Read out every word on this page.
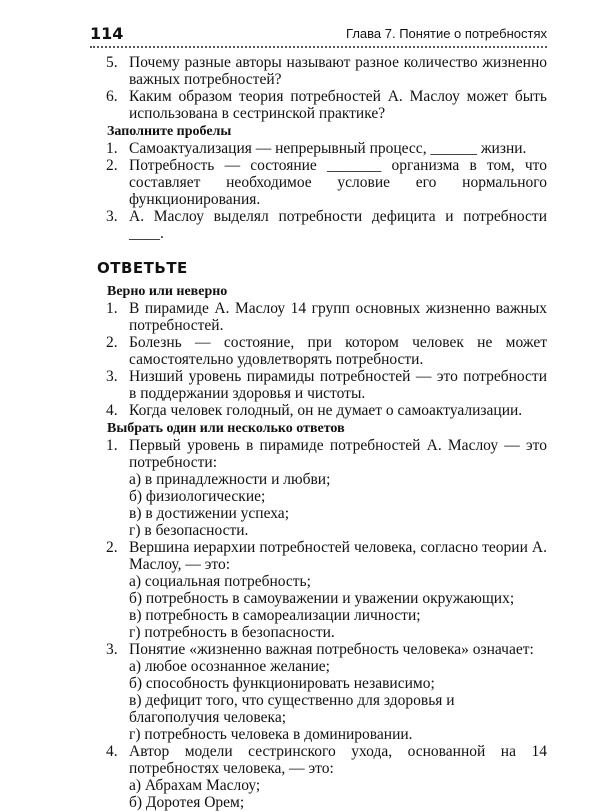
114	Глава 7. Понятие о потребностях
5. Почему разные авторы называют разное количество жизненно важных потребностей?
6. Каким образом теория потребностей А. Маслоу может быть использована в сестринской практике?
Заполните пробелы
1. Самоактуализация — непрерывный процесс, ______ жизни.
2. Потребность — состояние _______ организма в том, что составляет необходимое условие его нормального функционирования.
3. А. Маслоу выделял потребности дефицита и потребности ____.
ОТВЕТЬТЕ
Верно или неверно
1. В пирамиде А. Маслоу 14 групп основных жизненно важных потребностей.
2. Болезнь — состояние, при котором человек не может самостоятельно удовлетворять потребности.
3. Низший уровень пирамиды потребностей — это потребности в поддержании здоровья и чистоты.
4. Когда человек голодный, он не думает о самоактуализации.
Выбрать один или несколько ответов
1. Первый уровень в пирамиде потребностей А. Маслоу — это потребности:
а) в принадлежности и любви;
б) физиологические;
в) в достижении успеха;
г) в безопасности.
2. Вершина иерархии потребностей человека, согласно теории А. Маслоу, — это:
а) социальная потребность;
б) потребность в самоуважении и уважении окружающих;
в) потребность в самореализации личности;
г) потребность в безопасности.
3. Понятие «жизненно важная потребность человека» означает:
а) любое осознанное желание;
б) способность функционировать независимо;
в) дефицит того, что существенно для здоровья и благополучия человека;
г) потребность человека в доминировании.
4. Автор модели сестринского ухода, основанной на 14 потребностях человека, — это:
а) Абрахам Маслоу;
б) Доротея Орем;
